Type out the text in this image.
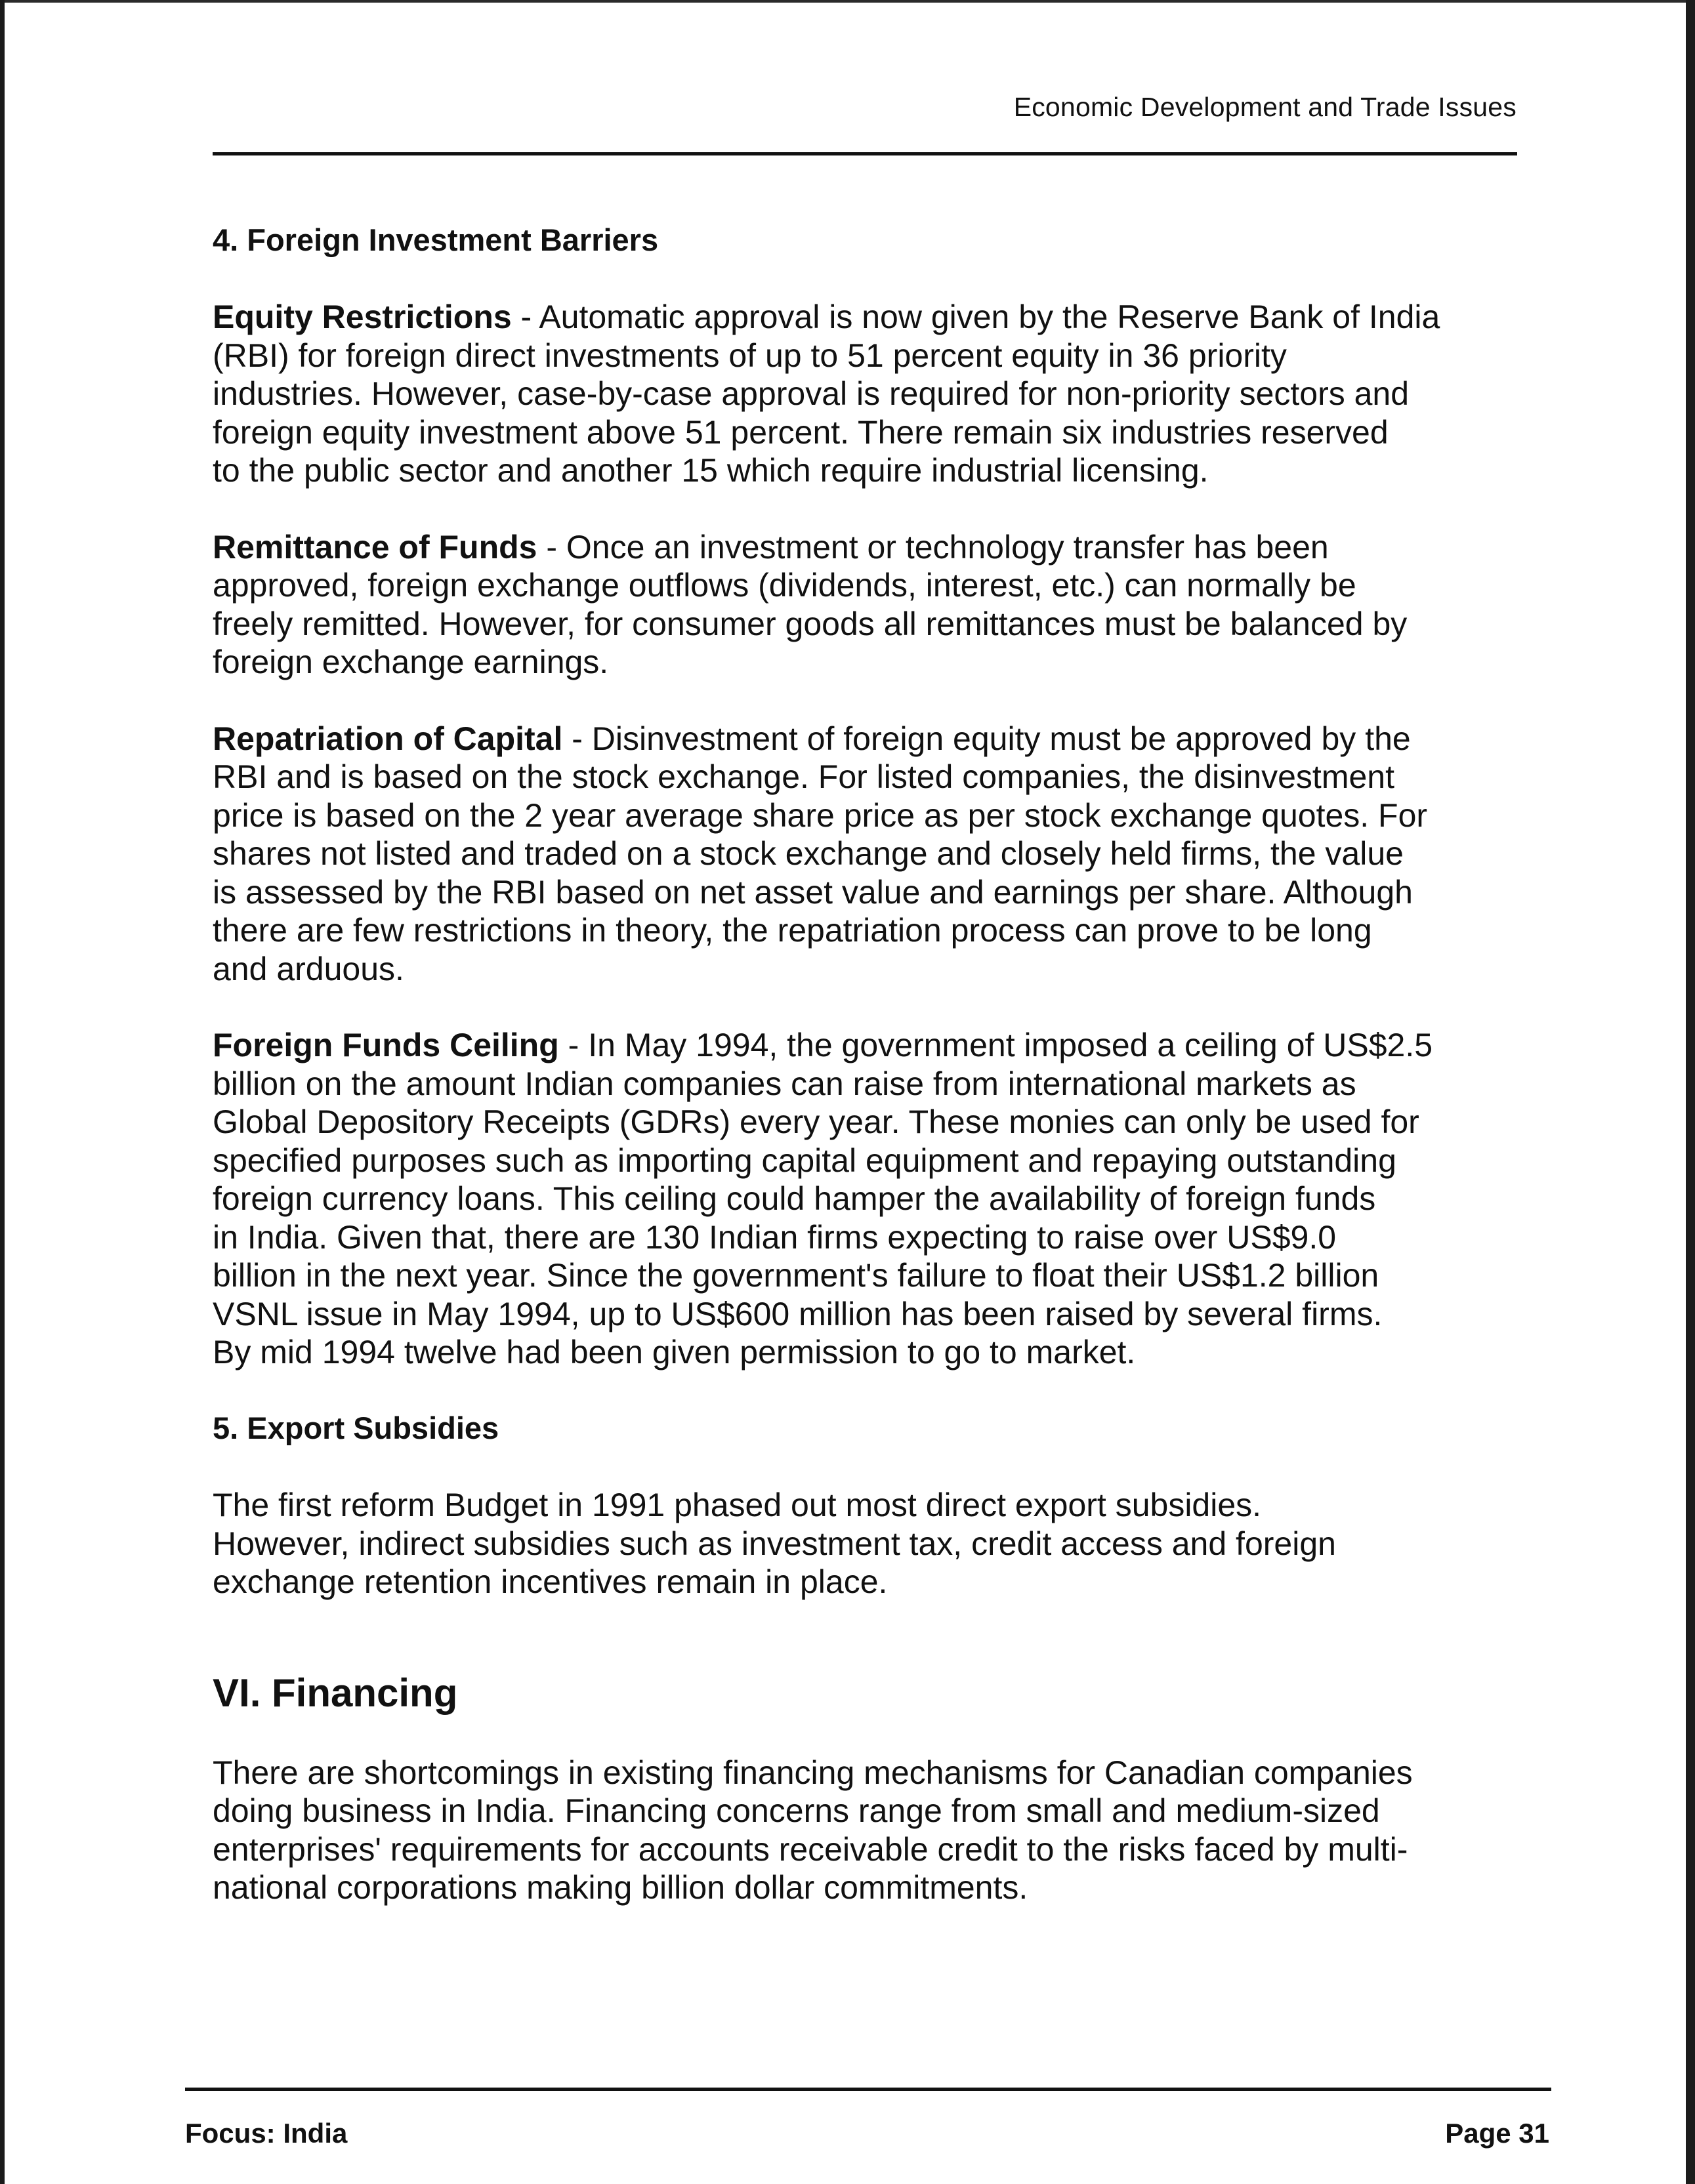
Economic Development and Trade Issues
4. Foreign Investment Barriers

Equity Restrictions - Automatic approval is now given by the Reserve Bank of India
(RBI) for foreign direct investments of up to 51 percent equity in 36 priority
industries. However, case-by-case approval is required for non-priority sectors and
foreign equity investment above 51 percent. There remain six industries reserved
to the public sector and another 15 which require industrial licensing.

Remittance of Funds - Once an investment or technology transfer has been
approved, foreign exchange outflows (dividends, interest, etc.) can normally be
freely remitted. However, for consumer goods all remittances must be balanced by
foreign exchange earnings.

Repatriation of Capital - Disinvestment of foreign equity must be approved by the
RBI and is based on the stock exchange. For listed companies, the disinvestment
price is based on the 2 year average share price as per stock exchange quotes. For
shares not listed and traded on a stock exchange and closely held firms, the value
is assessed by the RBI based on net asset value and earnings per share. Although
there are few restrictions in theory, the repatriation process can prove to be long
and arduous.

Foreign Funds Ceiling - In May 1994, the government imposed a ceiling of US$2.5
billion on the amount Indian companies can raise from international markets as
Global Depository Receipts (GDRs) every year. These monies can only be used for
specified purposes such as importing capital equipment and repaying outstanding
foreign currency loans. This ceiling could hamper the availability of foreign funds
in India. Given that, there are 130 Indian firms expecting to raise over US$9.0
billion in the next year. Since the government's failure to float their US$1.2 billion
VSNL issue in May 1994, up to US$600 million has been raised by several firms.
By mid 1994 twelve had been given permission to go to market.

5. Export Subsidies

The first reform Budget in 1991 phased out most direct export subsidies.
However, indirect subsidies such as investment tax, credit access and foreign
exchange retention incentives remain in place.

VI. Financing

There are shortcomings in existing financing mechanisms for Canadian companies
doing business in India. Financing concerns range from small and medium-sized
enterprises' requirements for accounts receivable credit to the risks faced by multi-
national corporations making billion dollar commitments.

Focus: India	Page 31
